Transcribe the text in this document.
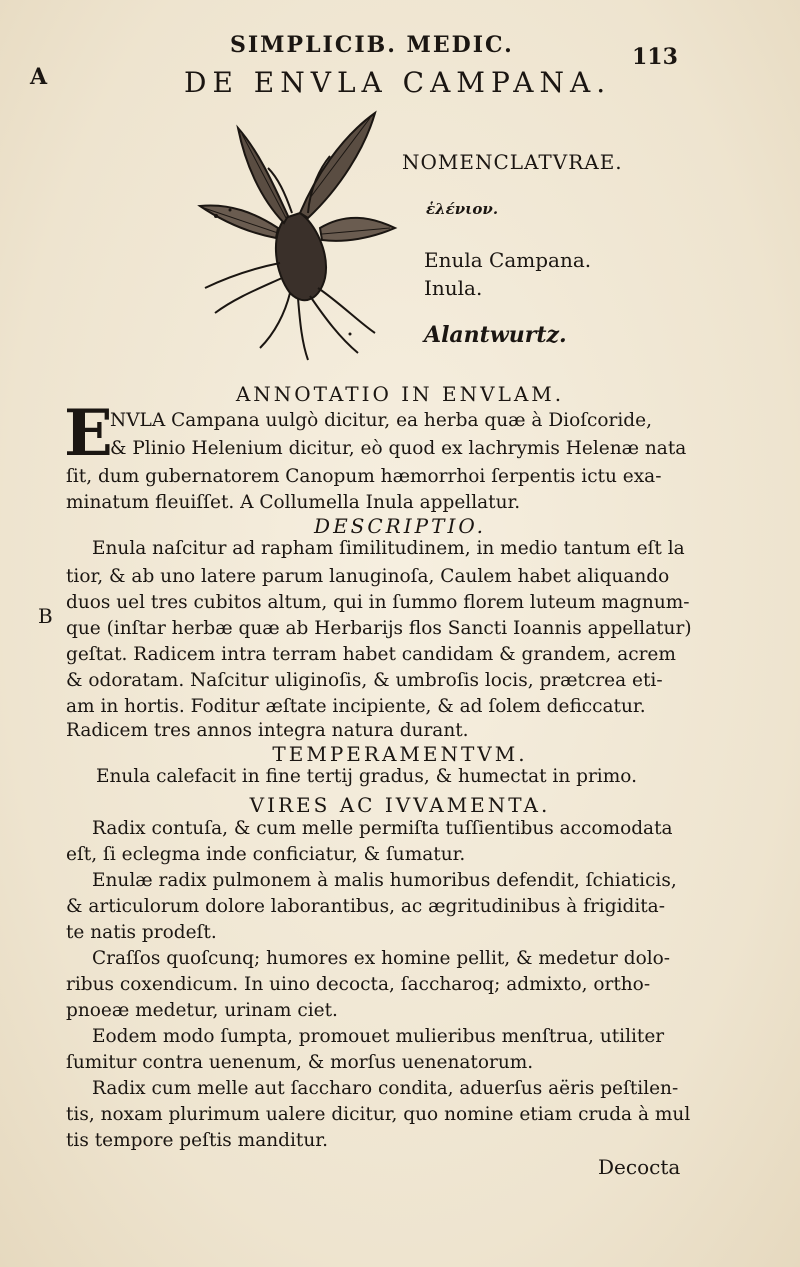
SIMPLICIB. MEDIC.	113
A
B
DE ENVLA CAMPANA.
NOMENCLATVRAE.
ἑλένιον.
Enula Campana.
Inula.
Alantwurtz.
ANNOTATIO IN ENVLAM.
E
NVLA Campana uulgò dicitur, ea herba quæ à Dioſcoride,
& Plinio Helenium dicitur, eò quod ex lachrymis Helenæ nata
ſit, dum gubernatorem Canopum hæmorrhoi ſerpentis ictu exa-
minatum fleuiſſet. A Collumella Inula appellatur.
DESCRIPTIO.
Enula naſcitur ad rapham ſimilitudinem, in medio tantum eſt la
tior, & ab uno latere parum lanuginoſa, Caulem habet aliquando
duos uel tres cubitos altum, qui in ſummo florem luteum magnum-
que (inſtar herbæ quæ ab Herbarijs flos Sancti Ioannis appellatur)
geſtat. Radicem intra terram habet candidam & grandem, acrem
& odoratam. Naſcitur uliginoſis, & umbroſis locis, prætcrea eti-
am in hortis. Foditur æſtate incipiente, & ad ſolem deficcatur.
Radicem tres annos integra natura durant.
TEMPERAMENTVM.
Enula calefacit in fine tertij gradus, & humectat in primo.
VIRES AC IVVAMENTA.
Radix contuſa, & cum melle permiſta tuſſientibus accomodata
eſt, ſi eclegma inde conficiatur, & ſumatur.
Enulæ radix pulmonem à malis humoribus defendit, ſchiaticis,
& articulorum dolore laborantibus, ac ægritudinibus à frigidita-
te natis prodeſt.
Craſſos quoſcunq; humores ex homine pellit, & medetur dolo-
ribus coxendicum. In uino decocta, ſaccharoq; admixto, ortho-
pnoeæ medetur, urinam ciet.
Eodem modo ſumpta, promouet mulieribus menſtrua, utiliter
ſumitur contra uenenum, & morſus uenenatorum.
Radix cum melle aut ſaccharo condita, aduerſus aëris peſtilen-
tis, noxam plurimum ualere dicitur, quo nomine etiam cruda à mul
tis tempore peſtis manditur.
Decocta
